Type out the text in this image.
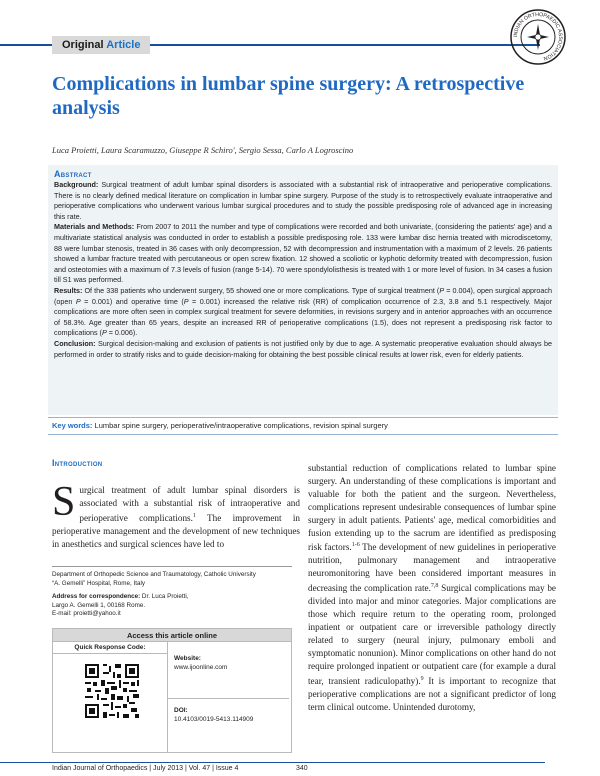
Original Article
INDIAN ORTHOPAEDIC ASSOCIATION
Complications in lumbar spine surgery: A retrospective analysis
Luca Proietti, Laura Scaramuzzo, Giuseppe R Schiro', Sergio Sessa, Carlo A Logroscino
Abstract

Background: Surgical treatment of adult lumbar spinal disorders is associated with a substantial risk of intraoperative and perioperative complications. There is no clearly defined medical literature on complication in lumbar spine surgery. Purpose of the study is to retrospectively evaluate intraoperative and perioperative complications who underwent various lumbar surgical procedures and to study the possible predisposing role of advanced age in increasing this rate.

Materials and Methods: From 2007 to 2011 the number and type of complications were recorded and both univariate, (considering the patients' age) and a multivariate statistical analysis was conducted in order to establish a possible predisposing role. 133 were lumbar disc hernia treated with microdiscetomy, 88 were lumbar stenosis, treated in 36 cases with only decompression, 52 with decompression and instrumentation with a maximum of 2 levels. 26 patients showed a lumbar fracture treated with percutaneous or open screw fixation. 12 showed a scoliotic or kyphotic deformity treated with decompression, fusion and osteotomies with a maximum of 7.3 levels of fusion (range 5-14). 70 were spondylolisthesis is treated with 1 or more level of fusion. In 34 cases a fusion till S1 was performed.

Results: Of the 338 patients who underwent surgery, 55 showed one or more complications. Type of surgical treatment (P = 0.004), open surgical approach (open P = 0.001) and operative time (P = 0.001) increased the relative risk (RR) of complication occurrence of 2.3, 3.8 and 5.1 respectively. Major complications are more often seen in complex surgical treatment for severe deformities, in revisions surgery and in anterior approaches with an occurrence of 58.3%. Age greater than 65 years, despite an increased RR of perioperative complications (1.5), does not represent a predisposing risk factor to complications (P = 0.006).

Conclusion: Surgical decision-making and exclusion of patients is not justified only by due to age. A systematic preoperative evaluation should always be performed in order to stratify risks and to guide decision-making for obtaining the best possible clinical results at lower risk, even for elderly patients.

Key words: Lumbar spine surgery, perioperative/intraoperative complications, revision spinal surgery
Introduction

Surgical treatment of adult lumbar spinal disorders is associated with a substantial risk of intraoperative and perioperative complications.$^1$ The improvement in perioperative management and the development of new techniques in anesthetics and surgical sciences have led to

substantial reduction of complications related to lumbar spine surgery. An understanding of these complications is important and valuable for both the patient and the surgeon. Nevertheless, complications represent undesirable consequences of lumbar spine surgery in adult patients. Patients' age, medical comorbidities and fusion extending up to the sacrum are identified as predisposing risk factors.$^{1-6}$ The development of new guidelines in perioperative nutrition, pulmonary management and intraoperative neuromonitoring have been considered important measures in decreasing the complication rate.$^{7,8}$ Surgical complications may be divided into major and minor categories. Major complications are those which require return to the operating room, prolonged inpatient or outpatient care or irreversible pathology directly related to surgery (neural injury, pulmonary emboli and symptomatic nonunion). Minor complications on other hand do not require prolonged inpatient or outpatient care (for example a dural tear, transient radiculopathy).$^9$ It is important to recognize that perioperative complications are not a significant predictor of long term clinical outcome. Unintended durotomy,

Department of Orthopedic Science and Traumatology, Catholic University
“A. Gemelli” Hospital, Rome, Italy
Address for correspondence: Dr. Luca Proietti,
Largo A. Gemelli 1, 00168 Rome.
E-mail: proietti@yahoo.it
Access this article online
Quick Response Code:
Website:
www.ijoonline.com
DOI:
10.4103/0019-5413.114909
Indian Journal of Orthopaedics | July 2013 | Vol. 47 | Issue 4	340
